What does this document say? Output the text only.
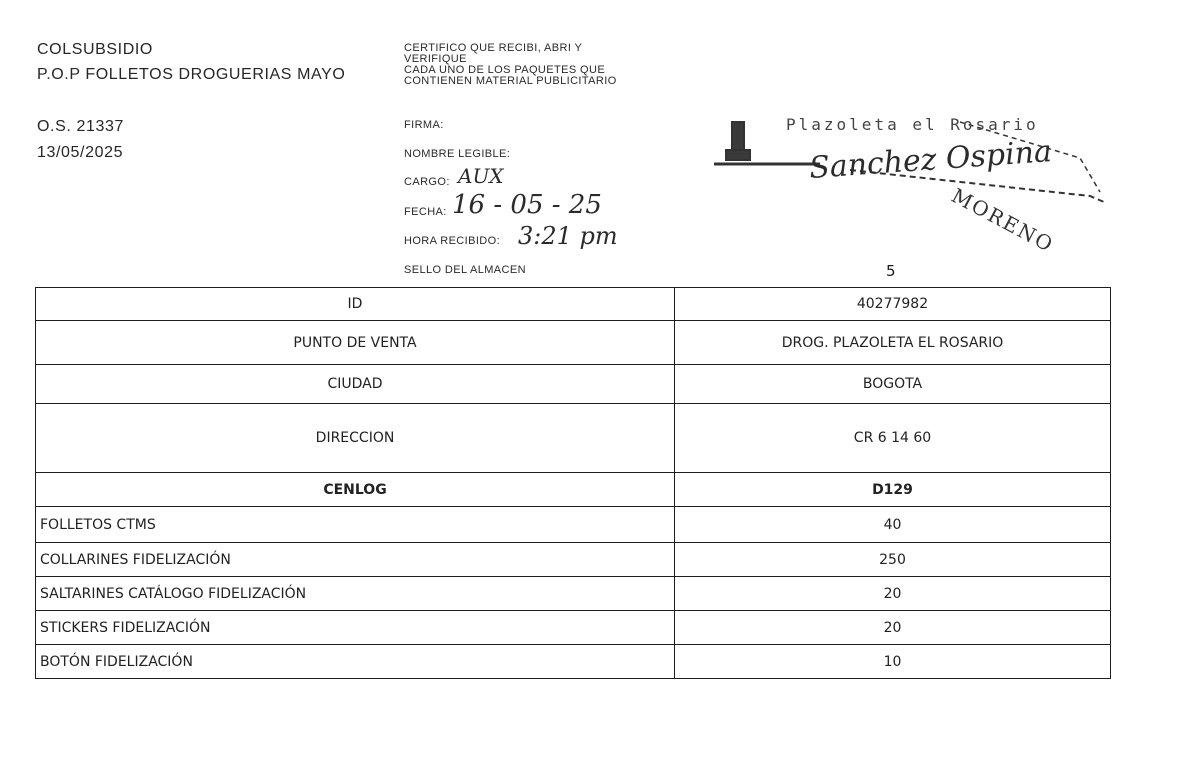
COLSUBSIDIO
P.O.P FOLLETOS DROGUERIAS MAYO
O.S. 21337
13/05/2025
CERTIFICO QUE RECIBI, ABRI Y
VERIFIQUE
CADA UNO DE LOS PAQUETES QUE
CONTIENEN MATERIAL PUBLICITARIO
FIRMA:
NOMBRE LEGIBLE:
CARGO: AUX
FECHA: 16 - 05 - 25
HORA RECIBIDO: 3:21 pm
SELLO DEL ALMACEN	5
Plazoleta el Rosario
Sanchez Ospina
MORENO
ID	40277982
PUNTO DE VENTA	DROG. PLAZOLETA EL ROSARIO
CIUDAD	BOGOTA
DIRECCION	CR 6 14 60
CENLOG	D129
FOLLETOS CTMS	40
COLLARINES FIDELIZACIÓN	250
SALTARINES CATÁLOGO FIDELIZACIÓN	20
STICKERS FIDELIZACIÓN	20
BOTÓN FIDELIZACIÓN	10
